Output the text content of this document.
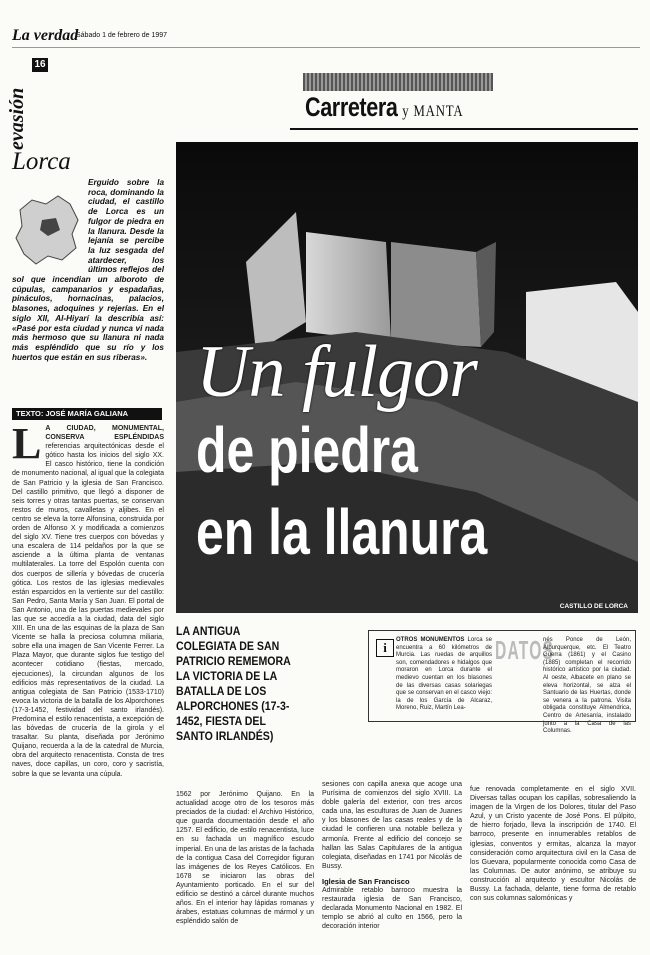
La verdad
Sábado 1 de febrero de 1997
evasión
16
Carretera y MANTA
Lorca
Erguido sobre la roca, dominando la ciudad, el castillo de Lorca es un fulgor de piedra en la llanura. Desde la lejanía se percibe la luz sesgada del atardecer, los últimos reflejos del sol que incendian un alboroto de cúpulas, campanarios y espadañas, pináculos, hornacinas, palacios, blasones, adoquines y rejerías. En el siglo XII, Al-Hiyarí la describía así: «Pasé por esta ciudad y nunca vi nada más hermoso que su llanura ni nada más espléndido que su río y los huertos que están en sus riberas».
TEXTO: JOSÉ MARÍA GALIANA
CASTILLO DE LORCA
Un fulgor
de piedra
en la llanura
L A CIUDAD, MONUMENTAL, CONSERVA ESPLÉNDIDAS referencias arquitectónicas desde el gótico hasta los inicios del siglo XX. El casco histórico, tiene la condición de monumento nacional, al igual que la colegiata de San Patricio y la iglesia de San Francisco. Del castillo primitivo, que llegó a disponer de seis torres y otras tantas puertas, se conservan restos de muros, cavalletas y aljibes. En el centro se eleva la torre Alfonsina, construida por orden de Alfonso X y modificada a comienzos del siglo XV. Tiene tres cuerpos con bóvedas y una escalera de 114 peldaños por la que se asciende a la última planta de ventanas multilaterales. La torre del Espolón cuenta con dos cuerpos de sillería y bóvedas de crucería gótica. Los restos de las iglesias medievales están esparcidos en la vertiente sur del castillo: San Pedro, Santa María y San Juan. El portal de San Antonio, una de las puertas medievales por las que se accedía a la ciudad, data del siglo XIII. En una de las esquinas de la plaza de San Vicente se halla la preciosa columna miliaria, sobre ella una imagen de San Vicente Ferrer. La Plaza Mayor, que durante siglos fue testigo del acontecer cotidiano (fiestas, mercado, ejecuciones), la circundan algunos de los edificios más representativos de la ciudad. La antigua colegiata de San Patricio (1533-1710) evoca la victoria de la batalla de los Alporchones (17-3-1452, festividad del santo irlandés). Predomina el estilo renacentista, a excepción de las bóvedas de crucería de la girola y el trasaltar. Su planta, diseñada por Jerónimo Quijano, recuerda a la de la catedral de Murcia, obra del arquitecto renacentista. Consta de tres naves, doce capillas, un coro, coro y sacristía, sobre la que se levanta una cúpula.
LA ANTIGUA COLEGIATA DE SAN PATRICIO REMEMORA LA VICTORIA DE LA BATALLA DE LOS ALPORCHONES (17-3-1452, FIESTA DEL SANTO IRLANDÉS)
i	DATOS
OTROS MONUMENTOS Lorca se encuentra a 60 kilómetros de Murcia. Las ruedas de arquillos son, comendadores e hidalgos que moraron en Lorca durante el medievo cuentan en los blasones de las diversas casas solariegas que se conservan en el casco viejo: la de los García de Alcaraz, Moreno, Ruiz, Martín Lea-
nés Ponce de León, Alburquerque, etc. El Teatro Guerra (1861) y el Casino (1885) completan el recorrido histórico artístico por la ciudad. Al oeste, Albacete en plano se eleva horizontal, se alza el Santuario de las Huertas, donde se venera a la patrona. Visita obligada constituye Almendrica, Centro de Artesanía, instalado junto a la Casa de las Columnas.
1562 por Jerónimo Quijano. En la actualidad acoge otro de los tesoros más preciados de la ciudad: el Archivo Histórico, que guarda documentación desde el año 1257. El edificio, de estilo renacentista, luce en su fachada un magnífico escudo imperial. En una de las aristas de la fachada de la contigua Casa del Corregidor figuran las imágenes de los Reyes Católicos. En 1678 se iniciaron las obras del Ayuntamiento porticado. En el sur del edificio se destinó a cárcel durante muchos años. En el interior hay lápidas romanas y árabes, estatuas columnas de mármol y un espléndido salón de
sesiones con capilla anexa que acoge una Purísima de comienzos del siglo XVIII. La doble galería del exterior, con tres arcos cada una, las esculturas de Juan de Juanes y los blasones de las casas reales y de la ciudad le confieren una notable belleza y armonía. Frente al edificio del concejo se hallan las Salas Capitulares de la antigua colegiata, diseñadas en 1741 por Nicolás de Bussy.
Iglesia de San Francisco
Admirable retablo barroco muestra la restaurada iglesia de San Francisco, declarada Monumento Nacional en 1982. El templo se abrió al culto en 1566, pero la decoración interior
fue renovada completamente en el siglo XVII. Diversas tallas ocupan los capillas, sobresaliendo la imagen de la Virgen de los Dolores, titular del Paso Azul, y un Cristo yacente de José Pons. El púlpito, de hierro forjado, lleva la inscripción de 1740. El barroco, presente en innumerables retablos de iglesias, conventos y ermitas, alcanza la mayor consideración como arquitectura civil en la Casa de los Guevara, popularmente conocida como Casa de las Columnas. De autor anónimo, se atribuye su construcción al arquitecto y escultor Nicolás de Bussy. La fachada, delante, tiene forma de retablo con sus columnas salomónicas y
